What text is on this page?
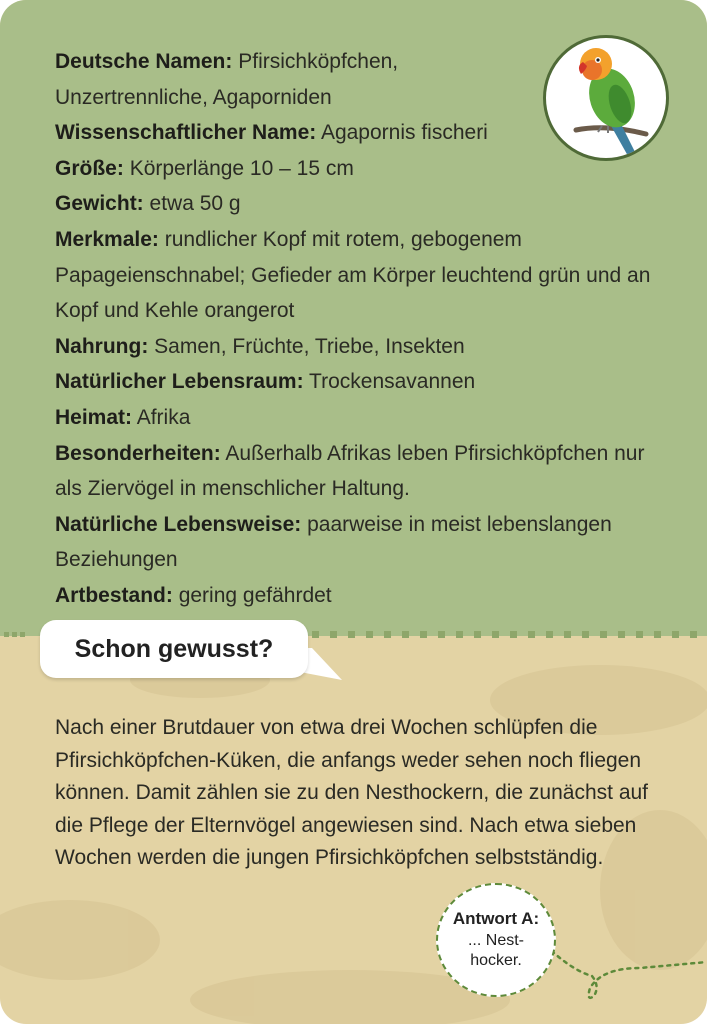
Deutsche Namen: Pfirsichköpfchen, Unzertrennliche, Agaporniden

Wissenschaftlicher Name: Agapornis fischeri

Größe: Körperlänge 10 – 15 cm

Gewicht: etwa 50 g

Merkmale: rundlicher Kopf mit rotem, gebogenem Papageienschnabel; Gefieder am Körper leuchtend grün und an Kopf und Kehle orangerot

Nahrung: Samen, Früchte, Triebe, Insekten

Natürlicher Lebensraum: Trockensavannen

Heimat: Afrika

Besonderheiten: Außerhalb Afrikas leben Pfirsichköpfchen nur als Ziervögel in menschlicher Haltung.

Natürliche Lebensweise: paarweise in meist lebenslangen Beziehungen

Artbestand: gering gefährdet

Schon gewusst?

Nach einer Brutdauer von etwa drei Wochen schlüpfen die Pfirsichköpfchen-Küken, die anfangs weder sehen noch fliegen können. Damit zählen sie zu den Nesthockern, die zunächst auf die Pflege der Elternvögel angewiesen sind. Nach etwa sieben Wochen werden die jungen Pfirsichköpfchen selbstständig.

Antwort A:
... Nest-hocker.
